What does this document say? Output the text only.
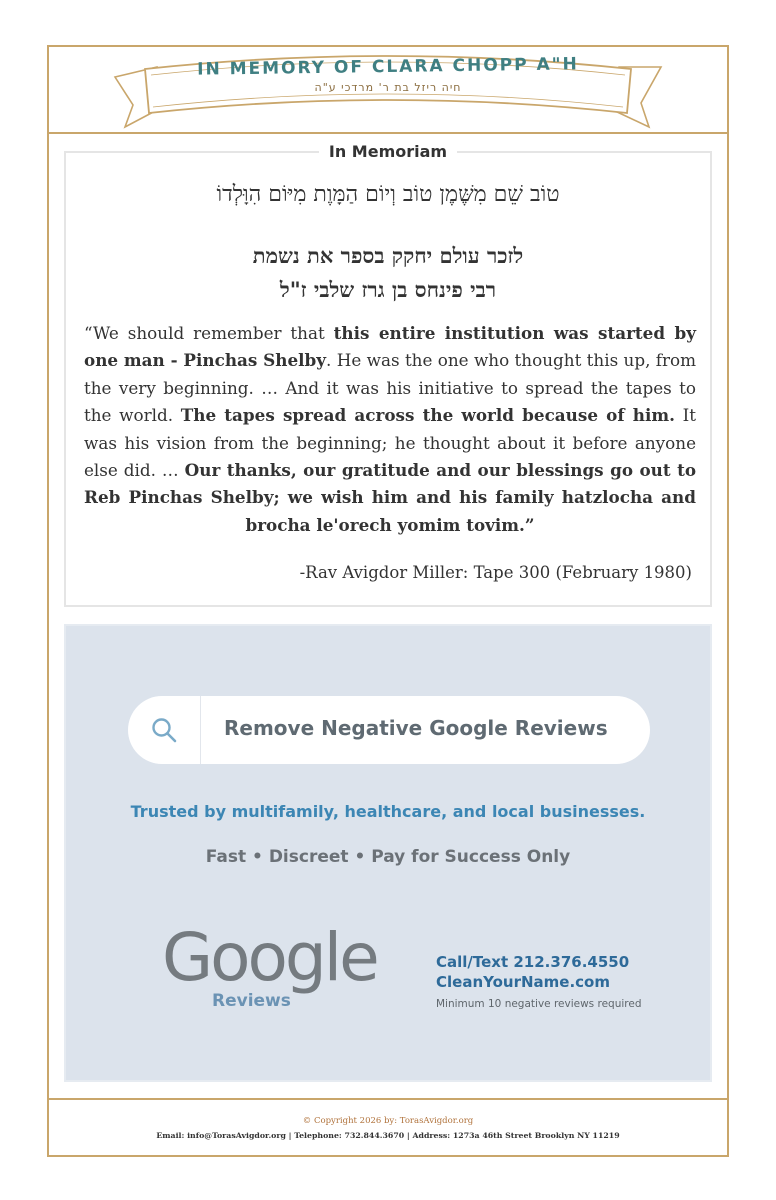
IN MEMORY OF CLARA CHOPP A"H
חיה ריזל בת ר' מרדכי ע"ה
In Memoriam
טוֹב שֵׁם מִשֶּׁמֶן טוֹב וְיוֹם הַמָּוֶת מִיּוֹם הִוָּלְדוֹ
לזכר עולם יחקק בספר את נשמת
רבי פינחס בן גרז שלבי ז"ל
“We should remember that this entire institution was started by one man - Pinchas Shelby. He was the one who thought this up, from the very beginning. … And it was his initiative to spread the tapes to the world. The tapes spread across the world because of him. It was his vision from the beginning; he thought about it before anyone else did. … Our thanks, our gratitude and our blessings go out to Reb Pinchas Shelby; we wish him and his family hatzlocha and brocha le'orech yomim tovim.”
-Rav Avigdor Miller: Tape 300 (February 1980)
Remove Negative Google Reviews
Trusted by multifamily, healthcare, and local businesses.
Fast • Discreet • Pay for Success Only
Google
Reviews
Call/Text 212.376.4550
CleanYourName.com
Minimum 10 negative reviews required
© Copyright 2026 by: TorasAvigdor.org
Email: info@TorasAvigdor.org | Telephone: 732.844.3670 | Address: 1273a 46th Street Brooklyn NY 11219
